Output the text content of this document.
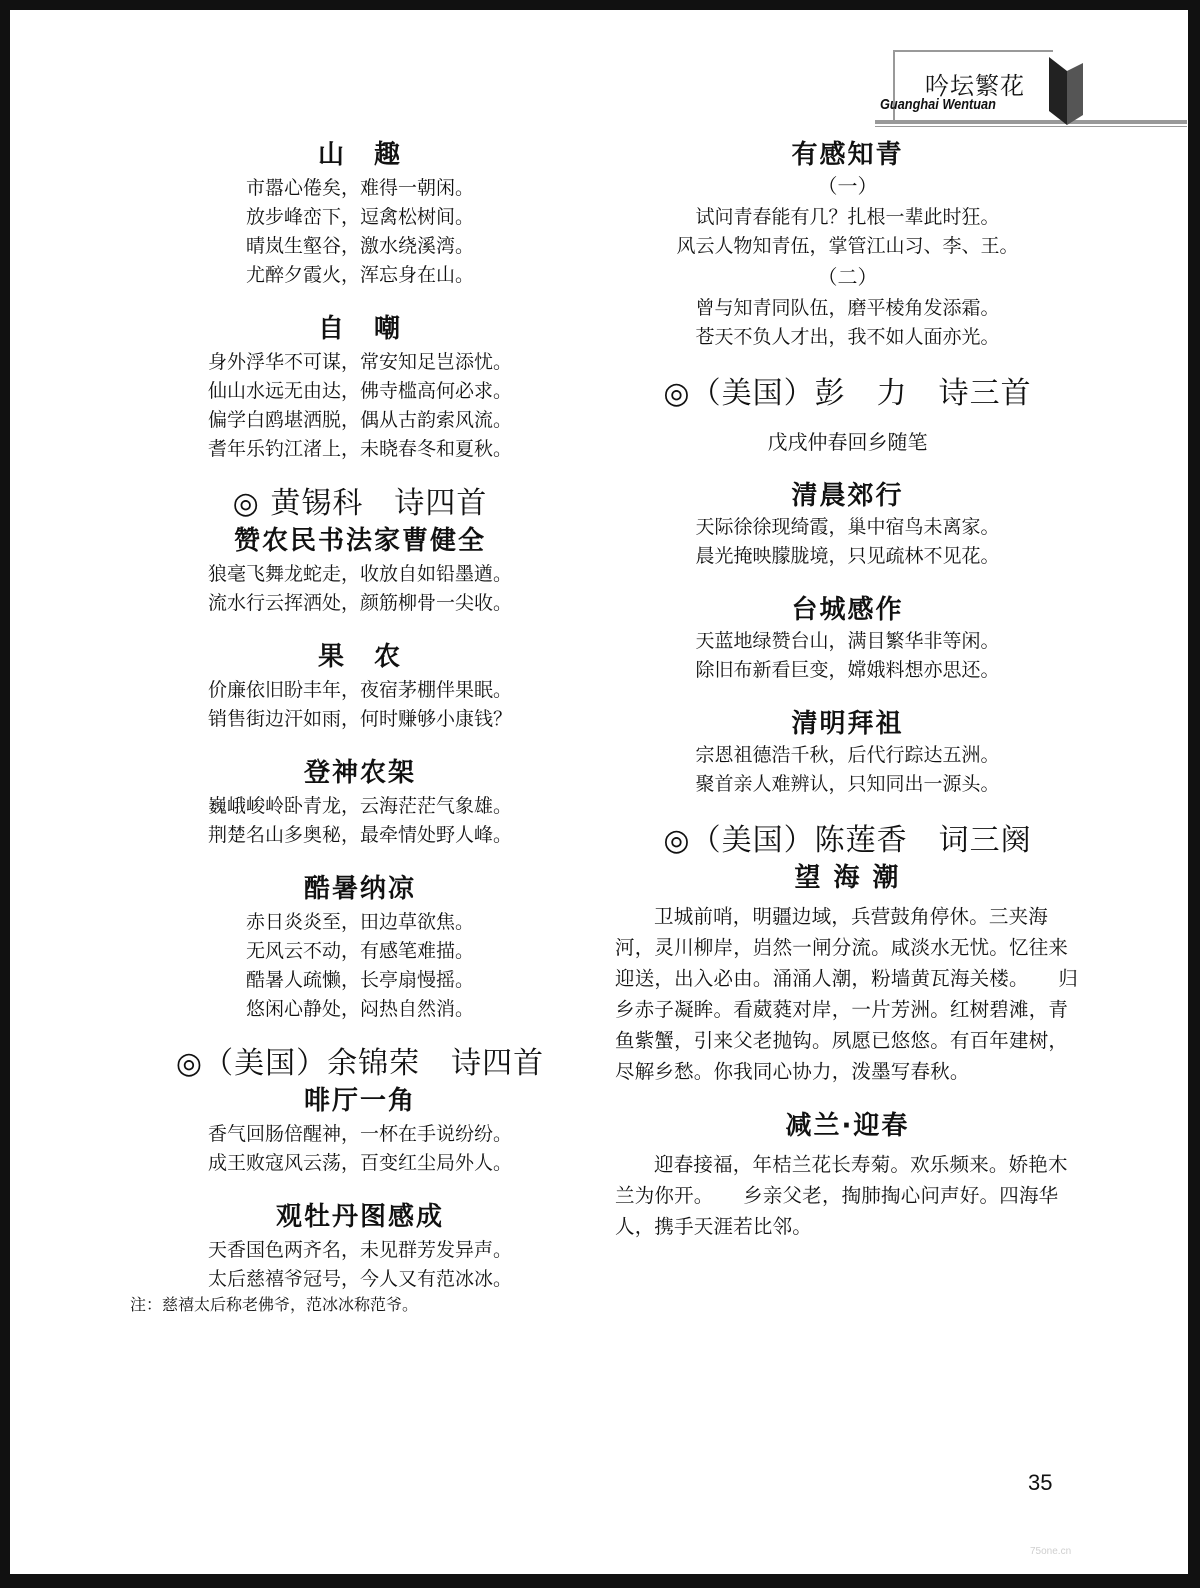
吟坛繁花
Guanghai Wentuan
山　趣
市嚣心倦矣，难得一朝闲。
放步峰峦下，逗禽松树间。
晴岚生壑谷，激水绕溪湾。
尤醉夕霞火，浑忘身在山。
自　嘲
身外浮华不可谋，常安知足岂添忧。
仙山水远无由达，佛寺槛高何必求。
偏学白鸥堪洒脱，偶从古韵索风流。
耆年乐钓江渚上，未晓春冬和夏秋。
◎ 黄锡科　诗四首
赞农民书法家曹健全
狼毫飞舞龙蛇走，收放自如铅墨遒。
流水行云挥洒处，颜筋柳骨一尖收。
果　农
价廉依旧盼丰年，夜宿茅棚伴果眠。
销售街边汗如雨，何时赚够小康钱？
登神农架
巍峨峻岭卧青龙，云海茫茫气象雄。
荆楚名山多奥秘，最牵情处野人峰。
酷暑纳凉
赤日炎炎至，田边草欲焦。
无风云不动，有感笔难描。
酷暑人疏懒，长亭扇慢摇。
悠闲心静处，闷热自然消。
◎（美国）余锦荣　诗四首
啡厅一角
香气回肠倍醒神，一杯在手说纷纷。
成王败寇风云荡，百变红尘局外人。
观牡丹图感成
天香国色两齐名，未见群芳发异声。
太后慈禧爷冠号，今人又有范冰冰。
注：慈禧太后称老佛爷，范冰冰称范爷。
有感知青
（一）
试问青春能有几？扎根一辈此时狂。
风云人物知青伍，掌管江山习、李、王。
（二）
曾与知青同队伍，磨平棱角发添霜。
苍天不负人才出，我不如人面亦光。
◎（美国）彭　力　诗三首
戊戌仲春回乡随笔
清晨郊行
天际徐徐现绮霞，巢中宿鸟未离家。
晨光掩映朦胧境，只见疏林不见花。
台城感作
天蓝地绿赞台山，满目繁华非等闲。
除旧布新看巨变，嫦娥料想亦思还。
清明拜祖
宗恩祖德浩千秋，后代行踪达五洲。
聚首亲人难辨认，只知同出一源头。
◎（美国）陈莲香　词三阕
望 海 潮
卫城前哨，明疆边域，兵营鼓角停休。三夹海河，灵川柳岸，岿然一闸分流。咸淡水无忧。忆往来迎送，出入必由。涌涌人潮，粉墙黄瓦海关楼。　　归乡赤子凝眸。看葳蕤对岸，一片芳洲。红树碧滩，青鱼紫蟹，引来父老抛钩。夙愿已悠悠。有百年建树，尽解乡愁。你我同心协力，泼墨写春秋。
减兰·迎春
迎春接福，年桔兰花长寿菊。欢乐频来。娇艳木兰为你开。　　乡亲父老，掏肺掏心问声好。四海华人，携手天涯若比邻。
35
75one.cn
